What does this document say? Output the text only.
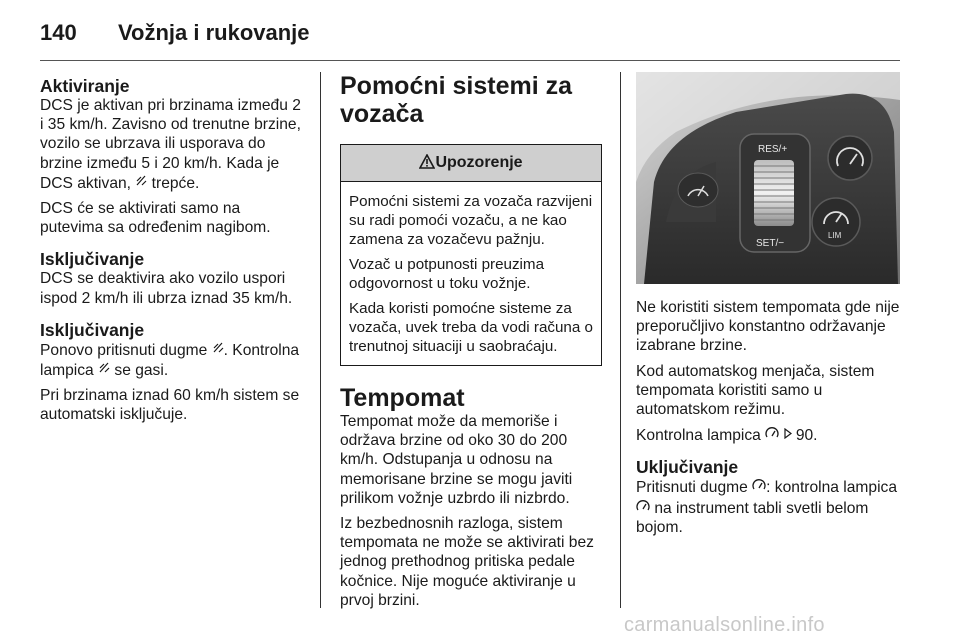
140 Vožnja i rukovanje
Aktiviranje

DCS je aktivan pri brzinama između 2 i 35 km/h. Zavisno od trenutne brzine, vozilo se ubrzava ili usporava do brzine između 5 i 20 km/h. Kada je DCS aktivan,  trepće.

DCS će se aktivirati samo na putevima sa određenim nagibom.

Isključivanje

DCS se deaktivira ako vozilo uspori ispod 2 km/h ili ubrza iznad 35 km/h.

Isključivanje

Ponovo pritisnuti dugme . Kontrolna lampica  se gasi.

Pri brzinama iznad 60 km/h sistem se automatski isključuje.

Pomoćni sistemi za vozača
Upozorenje

Pomoćni sistemi za vozača razvijeni su radi pomoći vozaču, a ne kao zamena za vozačevu pažnju.

Vozač u potpunosti preuzima odgovornost u toku vožnje.

Kada koristi pomoćne sisteme za vozača, uvek treba da vodi računa o trenutnoj situaciji u saobraćaju.

Tempomat

Tempomat može da memoriše i održava brzine od oko 30 do 200 km/h. Odstupanja u odnosu na memorisane brzine se mogu javiti prilikom vožnje uzbrdo ili nizbrdo.

Iz bezbednosnih razloga, sistem tempomata ne može se aktivirati bez jednog prethodnog pritiska pedale kočnice. Nije moguće aktiviranje u prvoj brzini.

RES/+
SET/−
LIM

Ne koristiti sistem tempomata gde nije preporučljivo konstantno održavanje izabrane brzine.

Kod automatskog menjača, sistem tempomata koristiti samo u automatskom režimu.

Kontrolna lampica   90.

Uključivanje

Pritisnuti dugme : kontrolna lampica  na instrument tabli svetli belom bojom.

carmanualsonline.info
